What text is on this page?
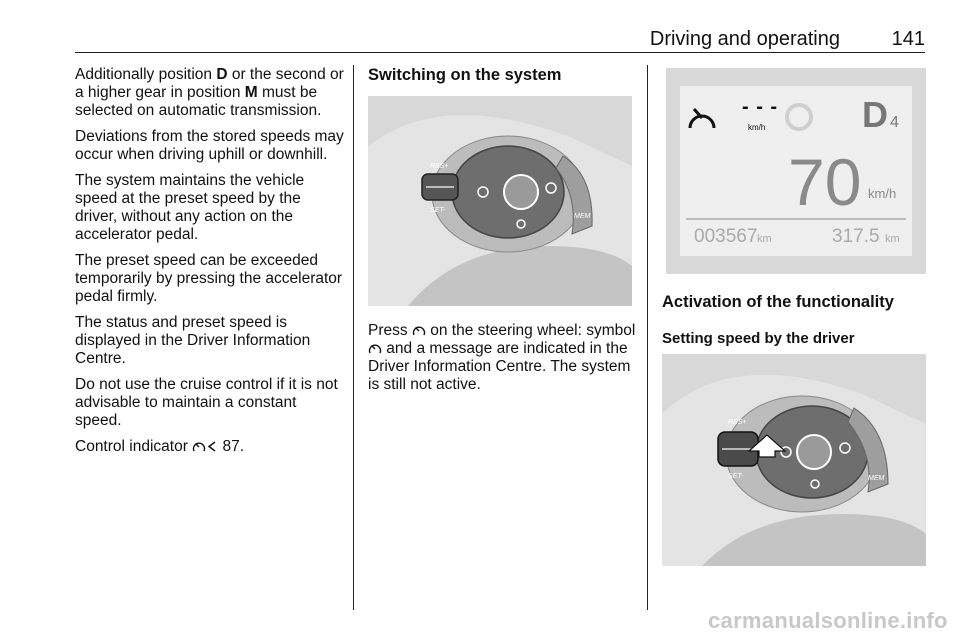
Driving and operating	141

Additionally position D or the second or a higher gear in position M must be selected on automatic transmission.

Deviations from the stored speeds may occur when driving uphill or downhill.

The system maintains the vehicle speed at the preset speed by the driver, without any action on the accelerator pedal.

The preset speed can be exceeded temporarily by pressing the accelerator pedal firmly.

The status and preset speed is displayed in the Driver Information Centre.

Do not use the cruise control if it is not advisable to maintain a constant speed.

Control indicator  87.

Switching on the system
RES+
SET-
MEM
Press  on the steering wheel: symbol  and a message are indicated in the Driver Information Centre. The system is still not active.
- - -
km/h	D 4
70 km/h
003567 km	317.5 km
Activation of the functionality
Setting speed by the driver
RES+
SET-	MEM
carmanualsonline.info
